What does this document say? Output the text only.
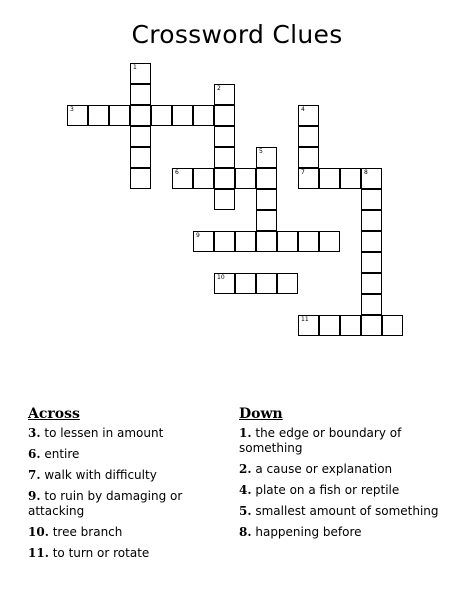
Crossword Clues
1
2
3	4
7
5
6	8
9
10
11
Across
3. to lessen in amount
6. entire
7. walk with difficulty
9. to ruin by damaging or attacking
10. tree branch
11. to turn or rotate
Down
1. the edge or boundary of something
2. a cause or explanation
4. plate on a fish or reptile
5. smallest amount of something
8. happening before
